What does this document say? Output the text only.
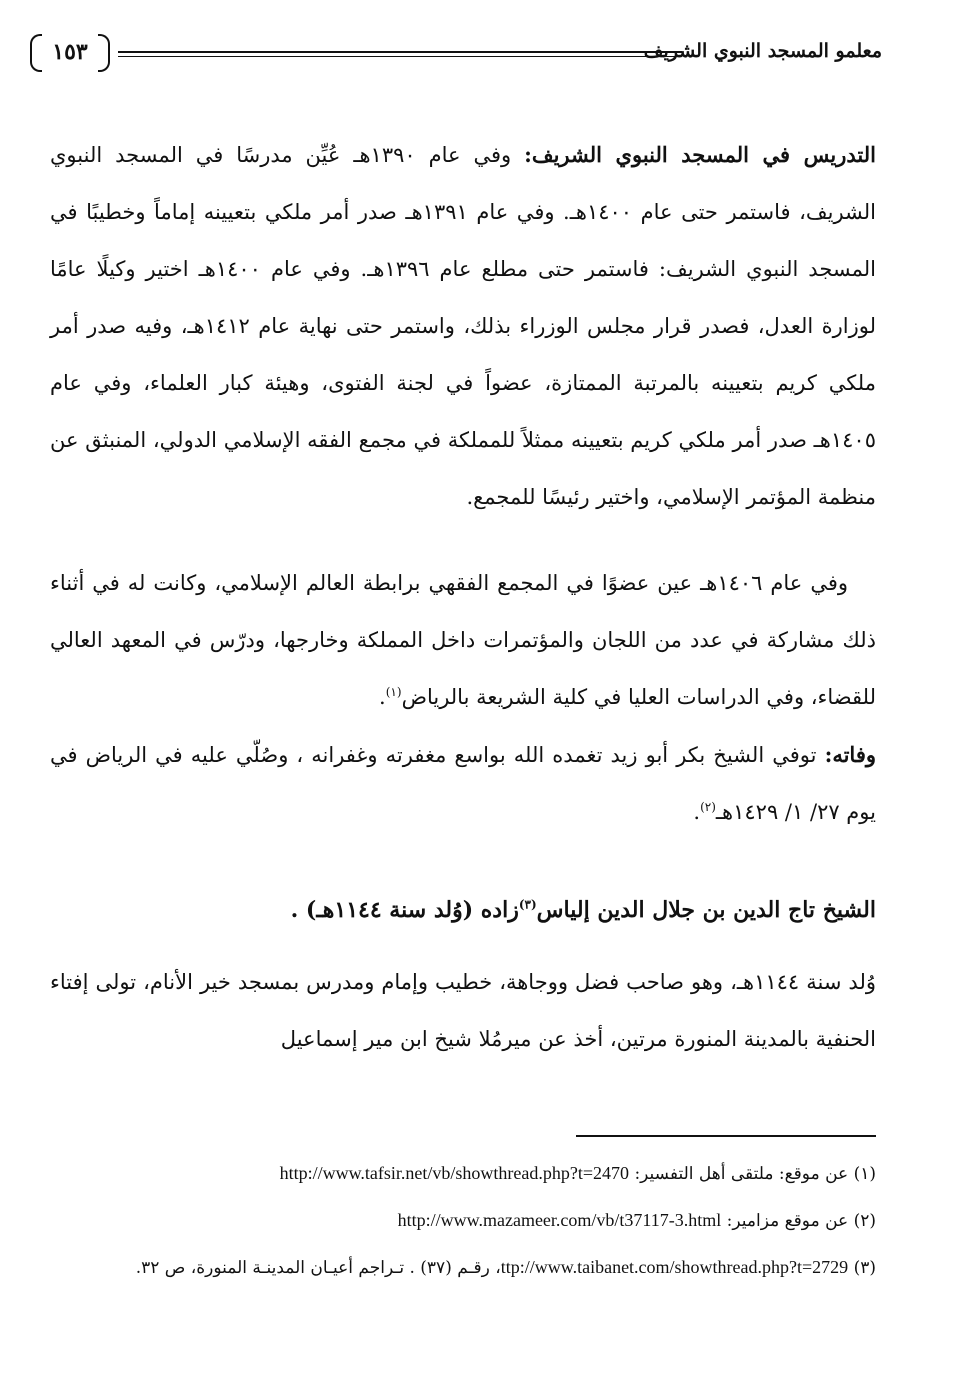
معلمو المسجد النبوي الشريف
١٥٣
التدريس في المسجد النبوي الشريف: وفي عام ١٣٩٠هـ عُيِّن مدرسًا في المسجد النبوي الشريف، فاستمر حتى عام ١٤٠٠هـ. وفي عام ١٣٩١هـ صدر أمر ملكي بتعيينه إماماً وخطيبًا في المسجد النبوي الشريف: فاستمر حتى مطلع عام ١٣٩٦هـ. وفي عام ١٤٠٠هـ اختير وكيلًا عامًا لوزارة العدل، فصدر قرار مجلس الوزراء بذلك، واستمر حتى نهاية عام ١٤١٢هـ، وفيه صدر أمر ملكي كريم بتعيينه بالمرتبة الممتازة، عضواً في لجنة الفتوى، وهيئة كبار العلماء، وفي عام ١٤٠٥هـ صدر أمر ملكي كريم بتعيينه ممثلاً للمملكة في مجمع الفقه الإسلامي الدولي، المنبثق عن منظمة المؤتمر الإسلامي، واختير رئيسًا للمجمع.
وفي عام ١٤٠٦هـ عين عضوًا في المجمع الفقهي برابطة العالم الإسلامي، وكانت له في أثناء ذلك مشاركة في عدد من اللجان والمؤتمرات داخل المملكة وخارجها، ودرّس في المعهد العالي للقضاء، وفي الدراسات العليا في كلية الشريعة بالرياض$^{(١)}$.
وفاته: توفي الشيخ بكر أبو زيد تغمده الله بواسع مغفرته وغفرانه ، وصُلّي عليه في الرياض في يوم ٢٧/ ١/ ١٤٢٩هـ$^{(٢)}$.
الشيخ تاج الدين بن جلال الدين إلياس$^{(٣)}$زاده (وُلد سنة ١١٤٤هـ) .
وُلد سنة ١١٤٤هـ، وهو صاحب فضل ووجاهة، خطيب وإمام ومدرس بمسجد خير الأنام، تولى إفتاء الحنفية بالمدينة المنورة مرتين، أخذ عن ميرمُلا شيخ ابن مير إسماعيل
(١) عن موقع: ملتقى أهل التفسير: http://www.tafsir.net/vb/showthread.php?t=2470
(٢) عن موقع مزامير: http://www.mazameer.com/vb/t37117-3.html
(٣) ttp://www.taibanet.com/showthread.php?t=2729، رقـم (٣٧) . تـراجم أعيـان المدينـة المنورة، ص ٣٢.
